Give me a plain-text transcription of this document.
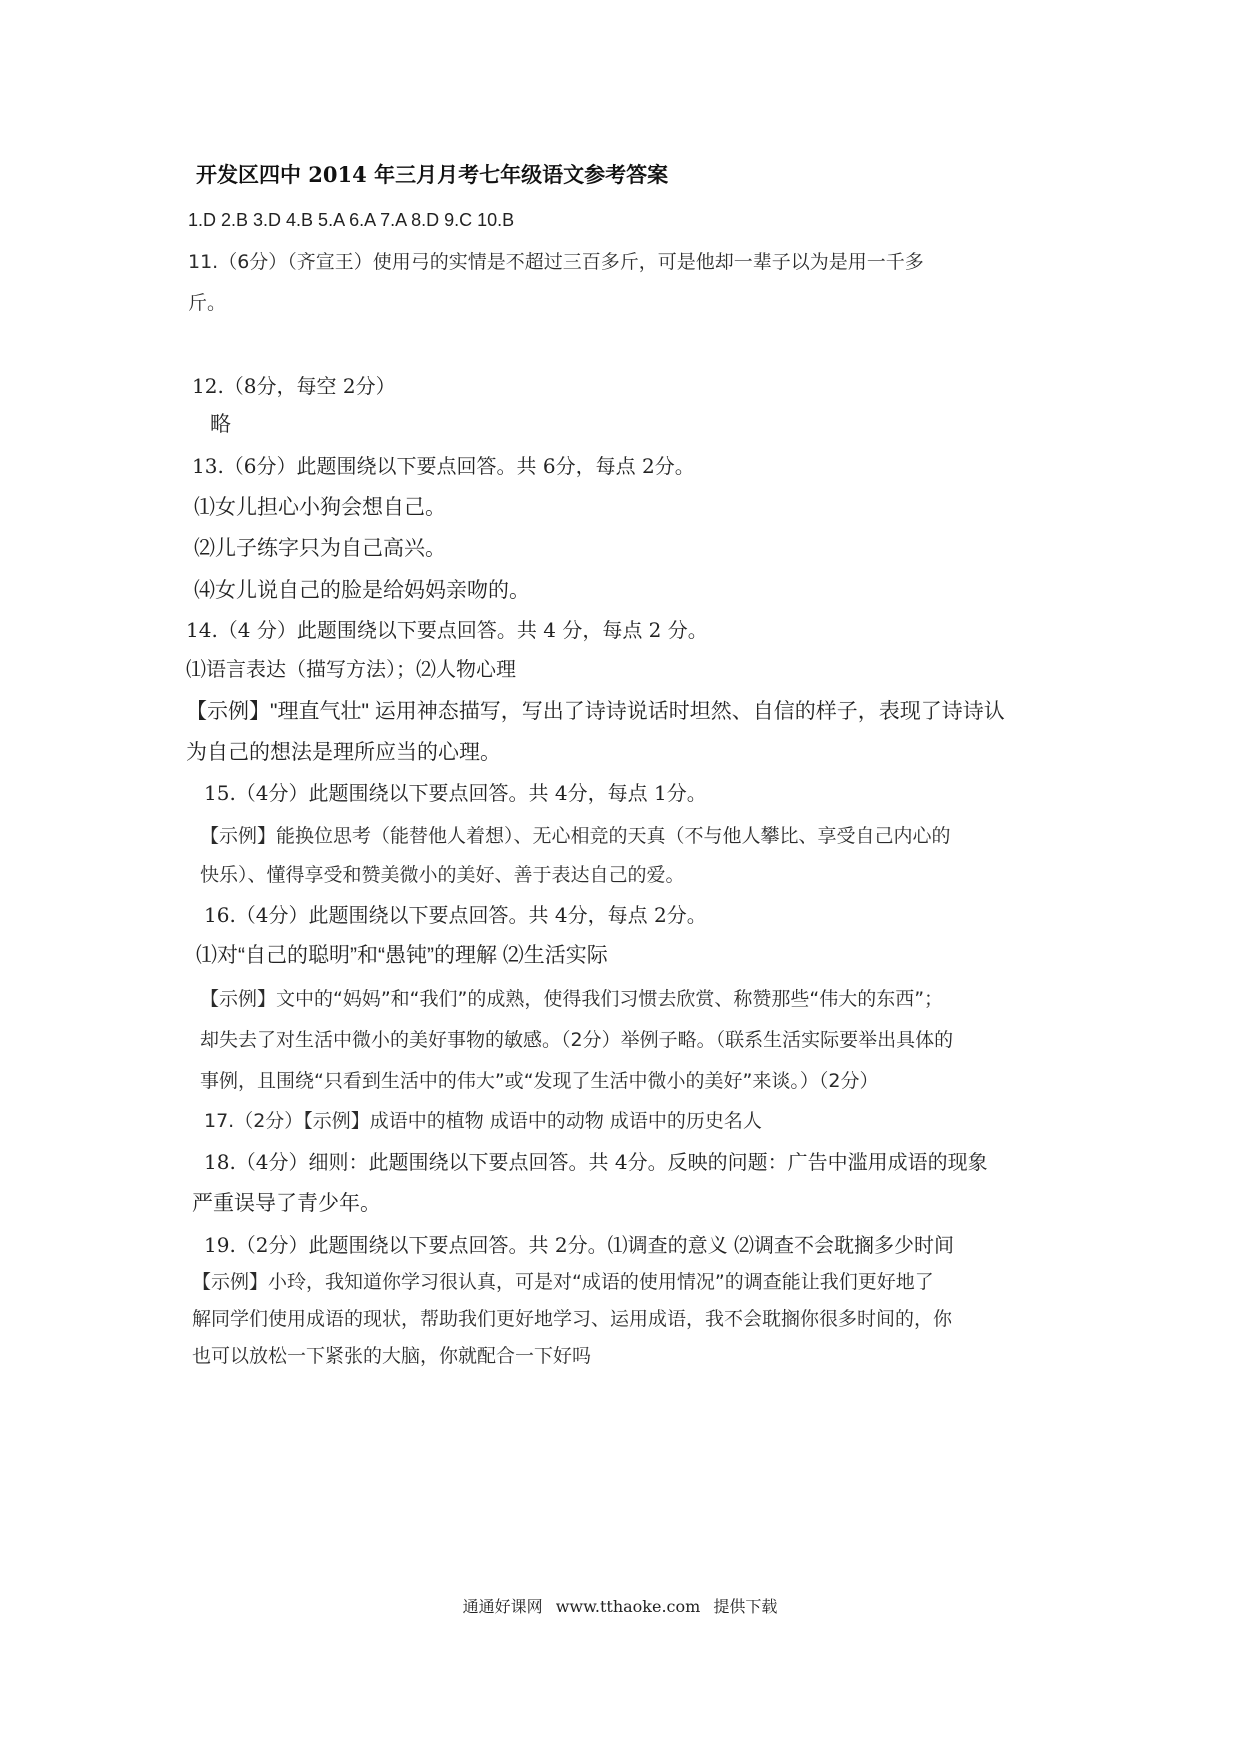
开发区四中 2014 年三月月考七年级语文参考答案
1.D 2.B 3.D 4.B 5.A 6.A 7.A 8.D 9.C 10.B
11.（6分）（齐宣王）使用弓的实情是不超过三百多斤，可是他却一辈子以为是用一千多
斤。
12.（8分，每空 2分）
略
13.（6分）此题围绕以下要点回答。共 6分，每点 2分。
⑴女儿担心小狗会想自己。
⑵儿子练字只为自己高兴。
⑷女儿说自己的脸是给妈妈亲吻的。
14.（4 分）此题围绕以下要点回答。共 4 分，每点 2 分。
⑴语言表达（描写方法）；⑵人物心理
【示例】"理直气壮" 运用神态描写，写出了诗诗说话时坦然、自信的样子，表现了诗诗认
为自己的想法是理所应当的心理。
15.（4分）此题围绕以下要点回答。共 4分，每点 1分。
【示例】能换位思考（能替他人着想）、无心相竞的天真（不与他人攀比、享受自己内心的
快乐）、懂得享受和赞美微小的美好、善于表达自己的爱。
16.（4分）此题围绕以下要点回答。共 4分，每点 2分。
⑴对“自己的聪明”和“愚钝”的理解 ⑵生活实际
【示例】文中的“妈妈”和“我们”的成熟，使得我们习惯去欣赏、称赞那些“伟大的东西”；
却失去了对生活中微小的美好事物的敏感。（2分）举例子略。（联系生活实际要举出具体的
事例，且围绕“只看到生活中的伟大”或“发现了生活中微小的美好”来谈。）（2分）
17.（2分）【示例】成语中的植物 成语中的动物 成语中的历史名人
18.（4分）细则：此题围绕以下要点回答。共 4分。反映的问题：广告中滥用成语的现象
严重误导了青少年。
19.（2分）此题围绕以下要点回答。共 2分。⑴调查的意义 ⑵调查不会耽搁多少时间
【示例】小玲，我知道你学习很认真，可是对“成语的使用情况”的调查能让我们更好地了
解同学们使用成语的现状，帮助我们更好地学习、运用成语，我不会耽搁你很多时间的，你
也可以放松一下紧张的大脑，你就配合一下好吗
通通好课网 www.tthaoke.com 提供下载
